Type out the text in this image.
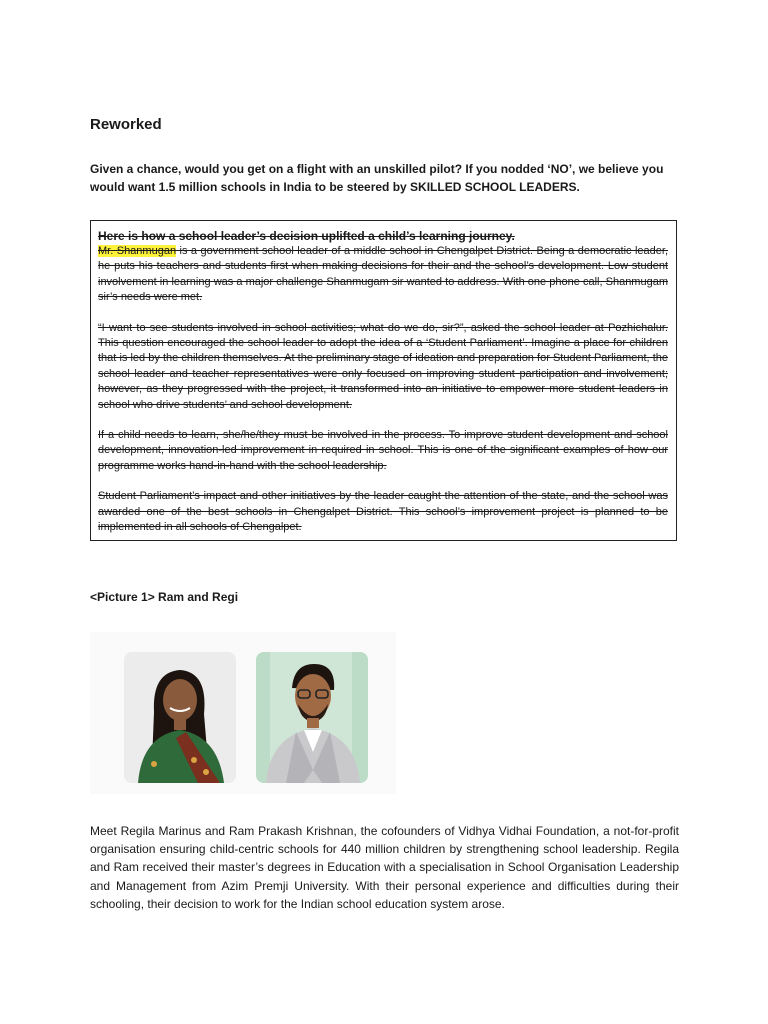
Reworked

Given a chance, would you get on a flight with an unskilled pilot? If you nodded ‘NO’, we believe you would want 1.5 million schools in India to be steered by SKILLED SCHOOL LEADERS.

Here is how a school leader’s decision uplifted a child’s learning journey.

Mr. Shanmugan is a government school leader of a middle school in Chengalpet District. Being a democratic leader, he puts his teachers and students first when making decisions for their and the school’s development. Low student involvement in learning was a major challenge Shanmugam sir wanted to address. With one phone call, Shanmugam sir’s needs were met.

“I want to see students involved in school activities; what do we do, sir?”, asked the school leader at Pozhichalur. This question encouraged the school leader to adopt the idea of a ‘Student Parliament’. Imagine a place for children that is led by the children themselves. At the preliminary stage of ideation and preparation for Student Parliament, the school leader and teacher representatives were only focused on improving student participation and involvement; however, as they progressed with the project, it transformed into an initiative to empower more student leaders in school who drive students’ and school development.

If a child needs to learn, she/he/they must be involved in the process. To improve student development and school development, innovation-led improvement in required in school. This is one of the significant examples of how our programme works hand-in-hand with the school leadership.

Student Parliament’s impact and other initiatives by the leader caught the attention of the state, and the school was awarded one of the best schools in Chengalpet District. This school’s improvement project is planned to be implemented in all schools of Chengalpet.

<Picture 1> Ram and Regi

Meet Regila Marinus and Ram Prakash Krishnan, the cofounders of Vidhya Vidhai Foundation, a not-for-profit organisation ensuring child-centric schools for 440 million children by strengthening school leadership. Regila and Ram received their master’s degrees in Education with a specialisation in School Organisation Leadership and Management from Azim Premji University. With their personal experience and difficulties during their schooling, their decision to work for the Indian school education system arose.
